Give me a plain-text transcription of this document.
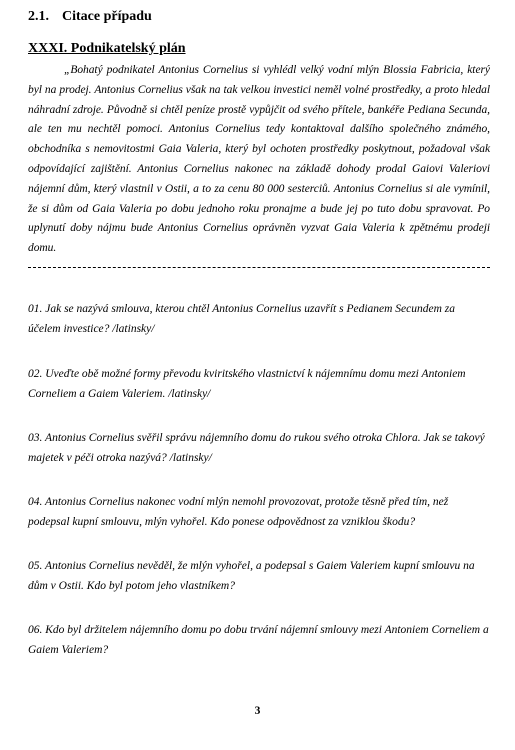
2.1. Citace případu
XXXI. Podnikatelský plán

„Bohatý podnikatel Antonius Cornelius si vyhlédl velký vodní mlýn Blossia Fabricia, který byl na prodej. Antonius Cornelius však na tak velkou investici neměl volné prostředky, a proto hledal náhradní zdroje. Původně si chtěl peníze prostě vypůjčit od svého přítele, bankéře Pediana Secunda, ale ten mu nechtěl pomoci. Antonius Cornelius tedy kontaktoval dalšího společného známého, obchodníka s nemovitostmi Gaia Valeria, který byl ochoten prostředky poskytnout, požadoval však odpovídající zajištění. Antonius Cornelius nakonec na základě dohody prodal Gaiovi Valeriovi nájemní dům, který vlastnil v Ostii, a to za cenu 80 000 sesterciů. Antonius Cornelius si ale vymínil, že si dům od Gaia Valeria po dobu jednoho roku pronajme a bude jej po tuto dobu spravovat. Po uplynutí doby nájmu bude Antonius Cornelius oprávněn vyzvat Gaia Valeria k zpětnému prodeji domu.

01. Jak se nazývá smlouva, kterou chtěl Antonius Cornelius uzavřít s Pedianem Secundem za účelem investice? /latinsky/

02. Uveďte obě možné formy převodu kviritského vlastnictví k nájemnímu domu mezi Antoniem Corneliem a Gaiem Valeriem. /latinsky/

03. Antonius Cornelius svěřil správu nájemního domu do rukou svého otroka Chlora. Jak se takový majetek v péči otroka nazývá? /latinsky/

04. Antonius Cornelius nakonec vodní mlýn nemohl provozovat, protože těsně před tím, než podepsal kupní smlouvu, mlýn vyhořel. Kdo ponese odpovědnost za vzniklou škodu?

05. Antonius Cornelius nevěděl, že mlýn vyhořel, a podepsal s Gaiem Valeriem kupní smlouvu na dům v Ostii. Kdo byl potom jeho vlastníkem?

06. Kdo byl držitelem nájemního domu po dobu trvání nájemní smlouvy mezi Antoniem Corneliem a Gaiem Valeriem?

3
